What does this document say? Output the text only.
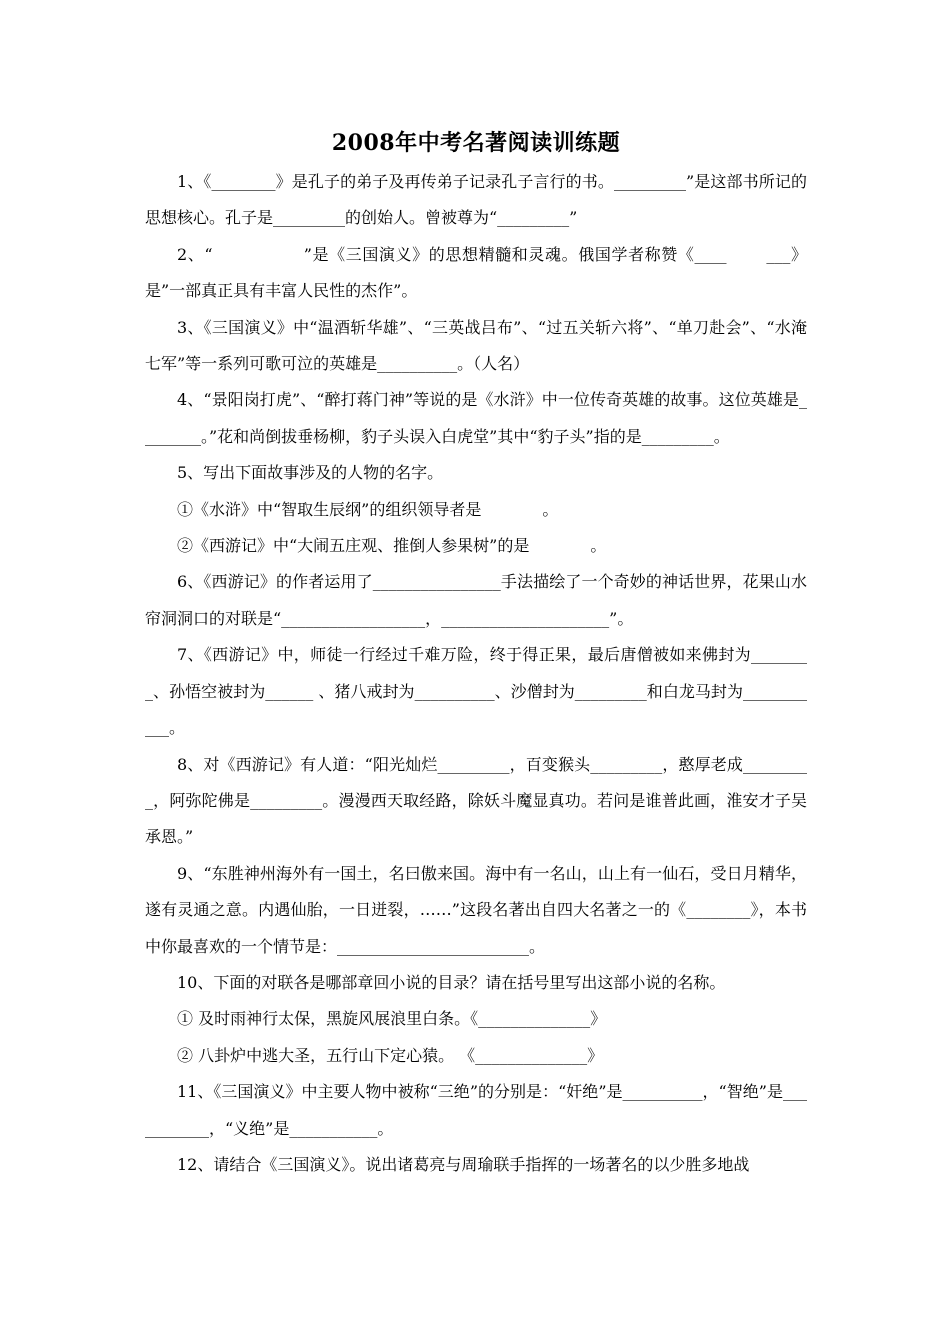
2008年中考名著阅读训练题

1、《________》是孔子的弟子及再传弟子记录孔子言行的书。_________”是这部书所记的思想核心。孔子是_________的创始人。曾被尊为“_________”

2、“                ”是《三国演义》的思想精髓和灵魂。俄国学者称赞《____       ___》是”一部真正具有丰富人民性的杰作”。

3、《三国演义》中“温酒斩华雄”、“三英战吕布”、“过五关斩六将”、“单刀赴会”、“水淹七军”等一系列可歌可泣的英雄是__________。（人名）

4、“景阳岗打虎”、“醉打蒋门神”等说的是《水浒》中一位传奇英雄的故事。这位英雄是________。”花和尚倒拔垂杨柳，豹子头误入白虎堂”其中“豹子头”指的是_________。

5、写出下面故事涉及的人物的名字。

①《水浒》中“智取生辰纲”的组织领导者是            。

②《西游记》中“大闹五庄观、推倒人参果树”的是            。

6、《西游记》的作者运用了________________手法描绘了一个奇妙的神话世界，花果山水帘洞洞口的对联是“__________________，_____________________”。

7、《西游记》中，师徒一行经过千难万险，终于得正果，最后唐僧被如来佛封为________、孙悟空被封为______ 、猪八戒封为__________、沙僧封为_________和白龙马封为___________。

8、对《西游记》有人道：“阳光灿烂_________，百变猴头_________，憨厚老成_________，阿弥陀佛是_________。漫漫西天取经路，除妖斗魔显真功。若问是谁普此画，淮安才子吴承恩。”

9、“东胜神州海外有一国土，名曰傲来国。海中有一名山，山上有一仙石，受日月精华，遂有灵通之意。内遇仙胎，一日迸裂，……”这段名著出自四大名著之一的《________》，本书中你最喜欢的一个情节是：________________________。

10、下面的对联各是哪部章回小说的目录？请在括号里写出这部小说的名称。

① 及时雨神行太保，黑旋风展浪里白条。《______________》

② 八卦炉中逃大圣，五行山下定心猿。 《______________》

11、《三国演义》中主要人物中被称“三绝”的分别是：“奸绝”是__________，“智绝”是___________，“义绝”是___________。

12、请结合《三国演义》。说出诸葛亮与周瑜联手指挥的一场著名的以少胜多地战
